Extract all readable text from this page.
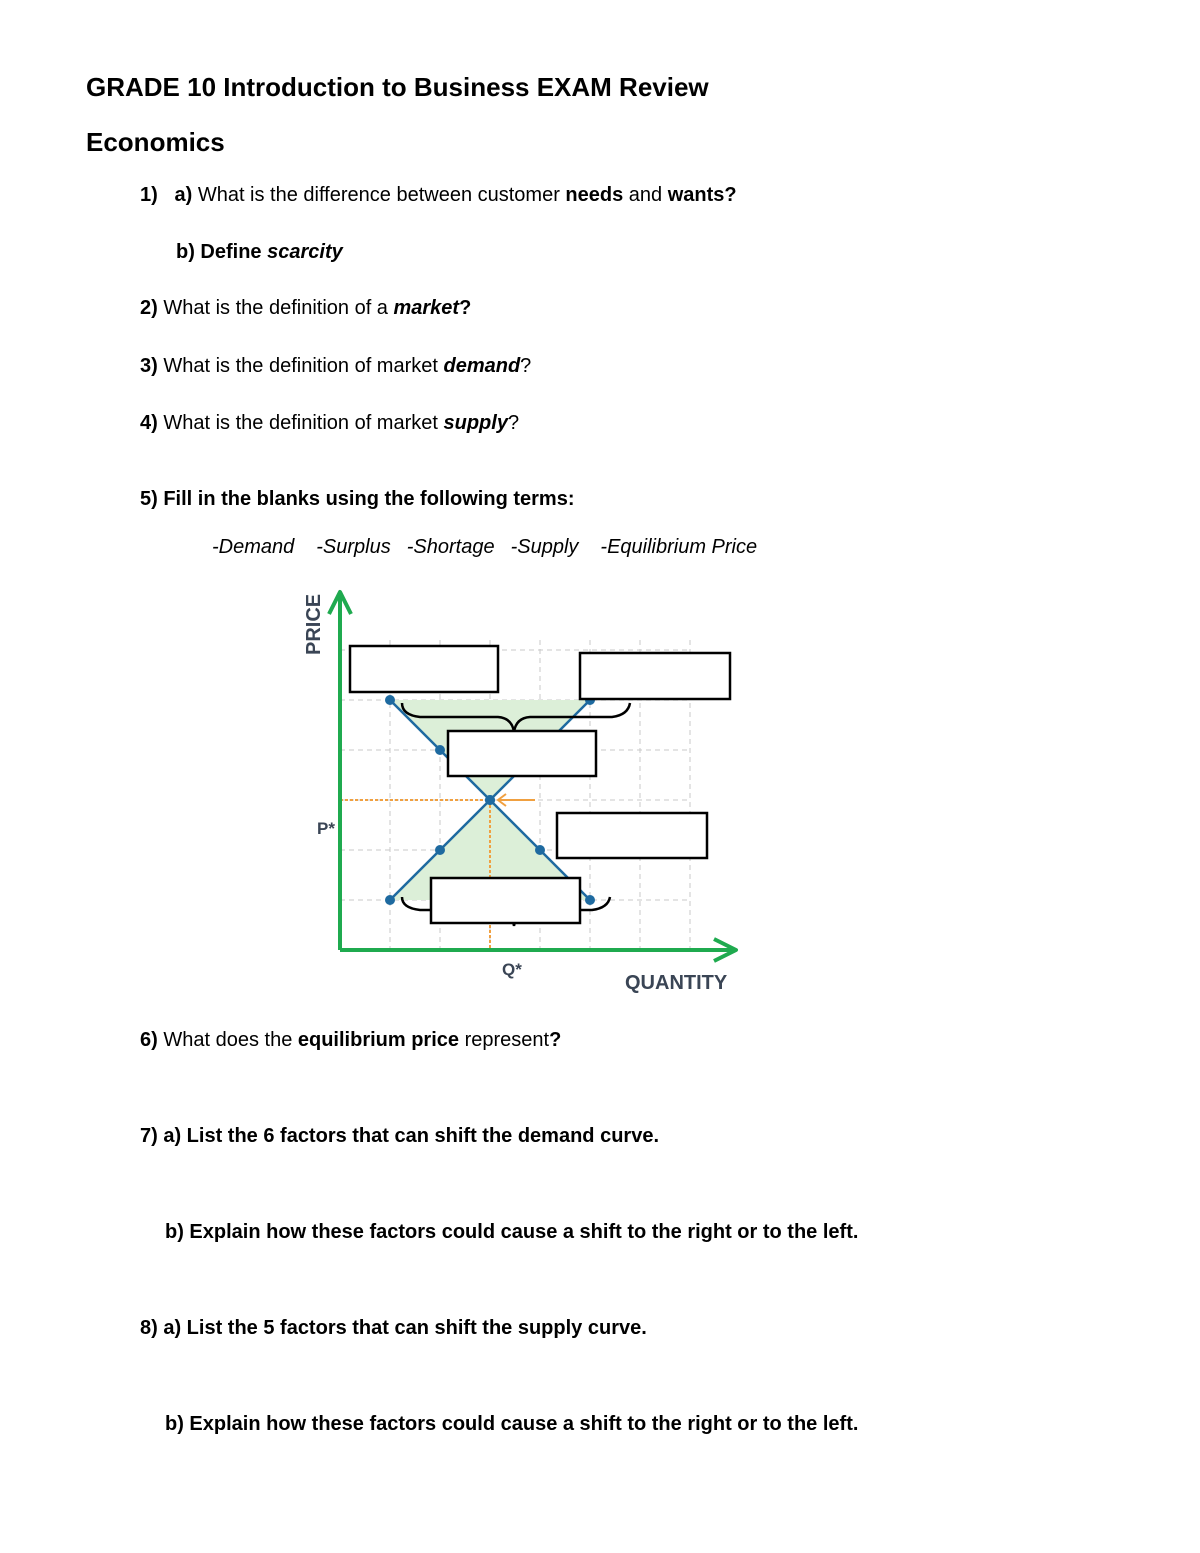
GRADE 10 Introduction to Business EXAM Review
Economics
1) a) What is the difference between customer needs and wants?
b) Define scarcity
2) What is the definition of a market?
3) What is the definition of market demand?
4) What is the definition of market supply?
5) Fill in the blanks using the following terms:
-Demand -Surplus -Shortage -Supply -Equilibrium Price
PRICE
QUANTITY
P*
Q*
6) What does the equilibrium price represent?
7) a) List the 6 factors that can shift the demand curve.
b) Explain how these factors could cause a shift to the right or to the left.
8) a) List the 5 factors that can shift the supply curve.
b) Explain how these factors could cause a shift to the right or to the left.
